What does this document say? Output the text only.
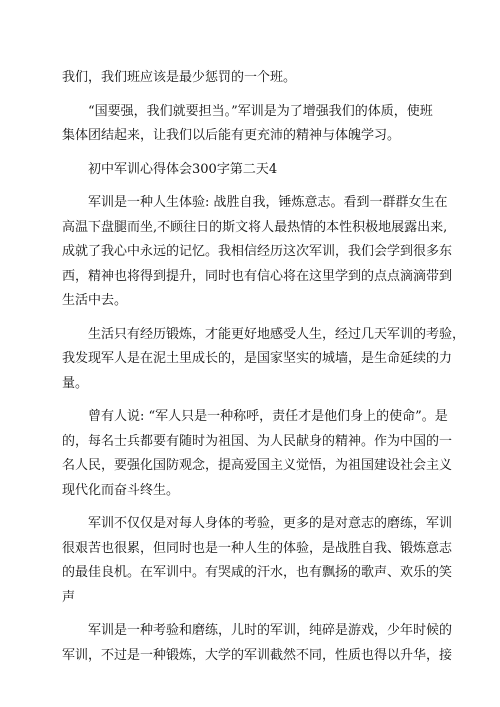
我们，我们班应该是最少惩罚的一个班。
“国要强，我们就要担当。”军训是为了增强我们的体质，使班
集体团结起来，让我们以后能有更充沛的精神与体魄学习。
初中军训心得体会300字第二天4
军训是一种人生体验: 战胜自我，锤炼意志。看到一群群女生在
高温下盘腿而坐,不顾往日的斯文将人最热情的本性积极地展露出来,
成就了我心中永远的记忆。我相信经历这次军训，我们会学到很多东
西，精神也将得到提升，同时也有信心将在这里学到的点点滴滴带到
生活中去。
生活只有经历锻炼，才能更好地感受人生，经过几天军训的考验，
我发现军人是在泥土里成长的，是国家坚实的城墙，是生命延续的力
量。
曾有人说: “军人只是一种称呼，责任才是他们身上的使命”。是
的，每名士兵都要有随时为祖国、为人民献身的精神。作为中国的一
名人民，要强化国防观念，提高爱国主义觉悟，为祖国建设社会主义
现代化而奋斗终生。
军训不仅仅是对每人身体的考验，更多的是对意志的磨练，军训
很艰苦也很累，但同时也是一种人生的体验，是战胜自我、锻炼意志
的最佳良机。在军训中。有哭咸的汗水，也有飘扬的歌声、欢乐的笑
声
军训是一种考验和磨练，儿时的军训，纯碎是游戏，少年时候的
军训，不过是一种锻炼，大学的军训截然不同，性质也得以升华，接
